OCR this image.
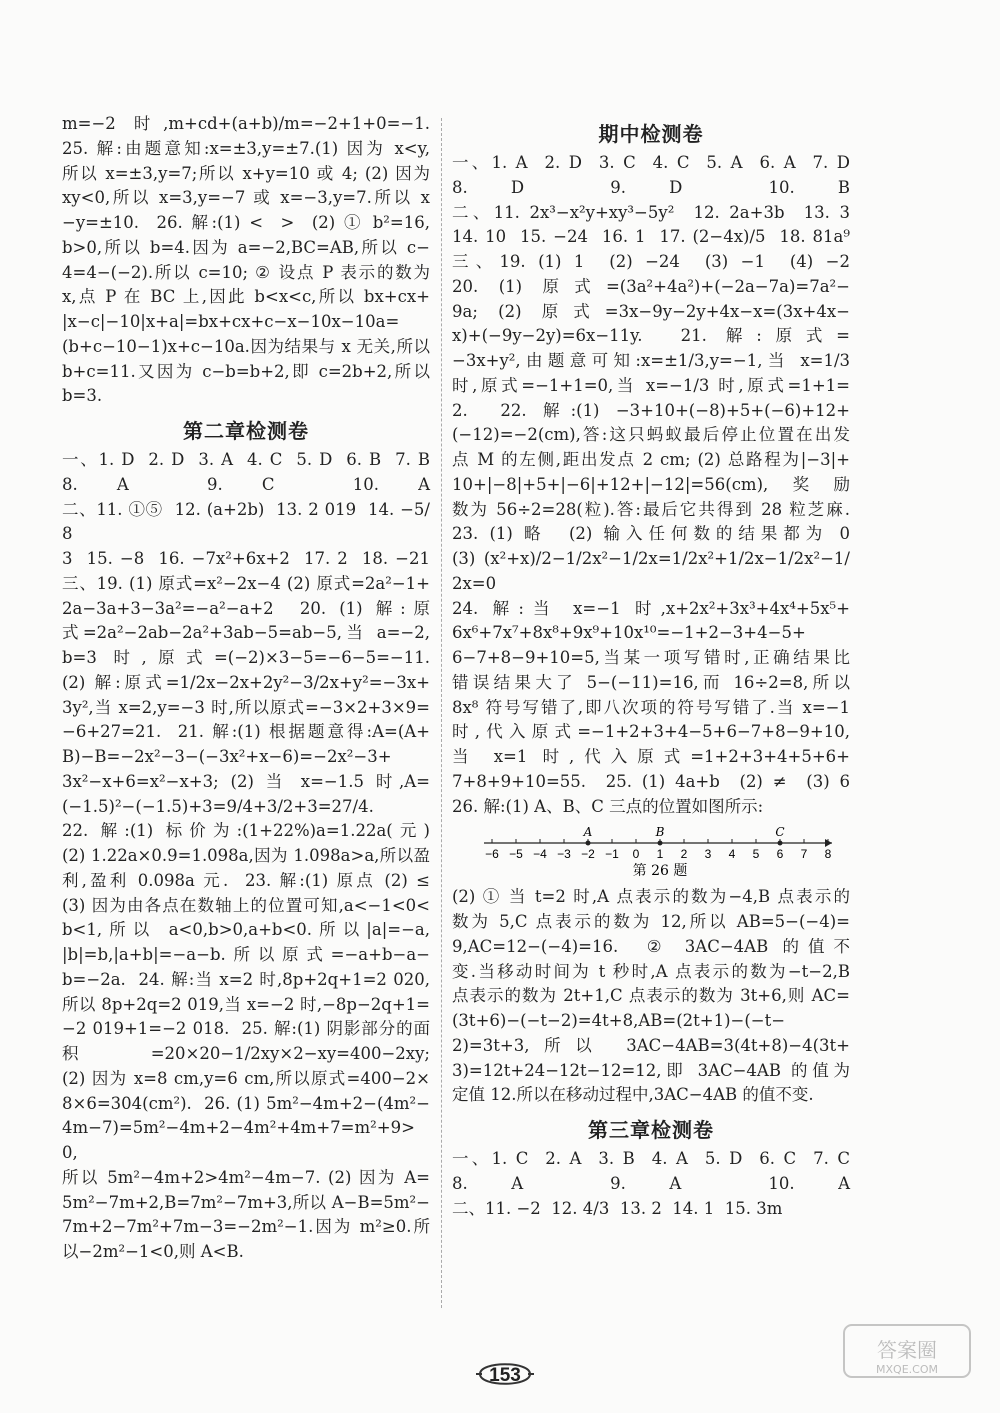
m=−2 时,m+cd+(a+b)/m=−2+1+0=−1.

25. 解:由题意知:x=±3,y=±7.(1) 因为 x<y,

所以 x=±3,y=7;所以 x+y=10 或 4; (2) 因为

xy<0,所以 x=3,y=−7 或 x=−3,y=7.所以 x

−y=±10.  26. 解:(1) <  >  (2) ① b²=16,

b>0,所以 b=4.因为 a=−2,BC=AB,所以 c−

4=4−(−2).所以 c=10; ② 设点 P 表示的数为

x,点 P 在 BC 上,因此 b<x<c,所以 bx+cx+

|x−c|−10|x+a|=bx+cx+c−x−10x−10a=

(b+c−10−1)x+c−10a.因为结果与 x 无关,所以

b+c=11.又因为 c−b=b+2,即 c=2b+2,所以

b=3.

第二章检测卷

一、1. D  2. D  3. A  4. C  5. D  6. B  7. B

8. A  9. C  10. A

二、11. ①⑤  12. (a+2b)  13. 2 019  14. −5/8

3  15. −8  16. −7x²+6x+2  17. 2  18. −21

三、19. (1) 原式=x²−2x−4 (2) 原式=2a²−1+

2a−3a+3−3a²=−a²−a+2  20. (1) 解:原

式=2a²−2ab−2a²+3ab−5=ab−5,当 a=−2,

b=3 时,原式=(−2)×3−5=−6−5=−11.

(2) 解:原式=1/2x−2x+2y²−3/2x+y²=−3x+

3y²,当 x=2,y=−3 时,所以原式=−3×2+3×9=

−6+27=21.  21. 解:(1) 根据题意得:A=(A+

B)−B=−2x²−3−(−3x²+x−6)=−2x²−3+

3x²−x+6=x²−x+3; (2) 当 x=−1.5 时,A=

(−1.5)²−(−1.5)+3=9/4+3/2+3=27/4.

22. 解:(1) 标价为:(1+22%)a=1.22a(元)

(2) 1.22a×0.9=1.098a,因为 1.098a>a,所以盈

利,盈利 0.098a 元.  23. 解:(1) 原点 (2) ≤

(3) 因为由各点在数轴上的位置可知,a<−1<0<

b<1,所以 a<0,b>0,a+b<0.所以|a|=−a,

|b|=b,|a+b|=−a−b.所以原式=−a+b−a−

b=−2a.  24. 解:当 x=2 时,8p+2q+1=2 020,

所以 8p+2q=2 019,当 x=−2 时,−8p−2q+1=

−2 019+1=−2 018.  25. 解:(1) 阴影部分的面

积=20×20−1/2xy×2−xy=400−2xy;

(2) 因为 x=8 cm,y=6 cm,所以原式=400−2×

8×6=304(cm²).  26. (1) 5m²−4m+2−(4m²−

4m−7)=5m²−4m+2−4m²+4m+7=m²+9>0,

所以 5m²−4m+2>4m²−4m−7. (2) 因为 A=

5m²−7m+2,B=7m²−7m+3,所以 A−B=5m²−

7m+2−7m²+7m−3=−2m²−1.因为 m²≥0.所

以−2m²−1<0,则 A<B.

期中检测卷

一、1. A  2. D  3. C  4. C  5. A  6. A  7. D

8. D  9. D  10. B

二、11. 2x³−x²y+xy³−5y²  12. 2a+3b  13. 3

14. 10  15. −24  16. 1  17. (2−4x)/5  18. 81a⁹

三、19. (1) 1  (2) −24  (3) −1  (4) −2

20. (1) 原式=(3a²+4a²)+(−2a−7a)=7a²−

9a; (2) 原式=3x−9y−2y+4x−x=(3x+4x−

x)+(−9y−2y)=6x−11y.  21. 解:原式=

−3x+y²,由题意可知:x=±1/3,y=−1,当 x=1/3

时,原式=−1+1=0,当 x=−1/3 时,原式=1+1=

2.  22. 解:(1) −3+10+(−8)+5+(−6)+12+

(−12)=−2(cm),答:这只蚂蚁最后停止位置在出发

点 M 的左侧,距出发点 2 cm; (2) 总路程为|−3|+

10+|−8|+5+|−6|+12+|−12|=56(cm),奖励

数为 56÷2=28(粒).答:最后它共得到 28 粒芝麻.

23. (1) 略  (2) 输入任何数的结果都为 0

(3) (x²+x)/2−1/2x²−1/2x=1/2x²+1/2x−1/2x²−1/2x=0

24. 解:当 x=−1 时,x+2x²+3x³+4x⁴+5x⁵+

6x⁶+7x⁷+8x⁸+9x⁹+10x¹⁰=−1+2−3+4−5+

6−7+8−9+10=5,当某一项写错时,正确结果比

错误结果大了 5−(−11)=16,而 16÷2=8,所以

8x⁸ 符号写错了,即八次项的符号写错了.当 x=−1

时,代入原式=−1+2+3+4−5+6−7+8−9+10,

当 x=1 时,代入原式=1+2+3+4+5+6+

7+8+9+10=55.  25. (1) 4a+b  (2) ≠  (3) 6

26. 解:(1) A、B、C 三点的位置如图所示:

−6 −5 −4 −3 −2 −1 0 1 2 3 4 5 6 7 8
A	B	C
第 26 题

(2) ① 当 t=2 时,A 点表示的数为−4,B 点表示的

数为 5,C 点表示的数为 12,所以 AB=5−(−4)=

9,AC=12−(−4)=16.  ② 3AC−4AB 的值不

变.当移动时间为 t 秒时,A 点表示的数为−t−2,B

点表示的数为 2t+1,C 点表示的数为 3t+6,则 AC=

(3t+6)−(−t−2)=4t+8,AB=(2t+1)−(−t−

2)=3t+3,所以 3AC−4AB=3(4t+8)−4(3t+

3)=12t+24−12t−12=12,即 3AC−4AB 的值为

定值 12.所以在移动过程中,3AC−4AB 的值不变.

第三章检测卷

一、1. C  2. A  3. B  4. A  5. D  6. C  7. C

8. A  9. A  10. A

二、11. −2  12. 4/3  13. 2  14. 1  15. 3m

153
答案圈
MXQE.COM
